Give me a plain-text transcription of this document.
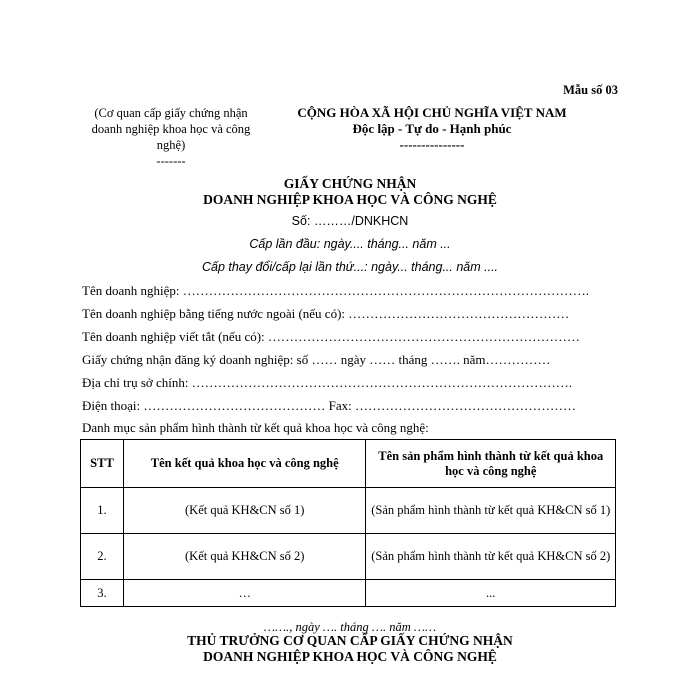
Mẫu số 03
(Cơ quan cấp giấy chứng nhận
doanh nghiệp khoa học và công
nghệ)
-------
CỘNG HÒA XÃ HỘI CHỦ NGHĨA VIỆT NAM
Độc lập - Tự do - Hạnh phúc
---------------
GIẤY CHỨNG NHẬN
DOANH NGHIỆP KHOA HỌC VÀ CÔNG NGHỆ
Số: ………/DNKHCN
Cấp lần đầu: ngày.... tháng... năm ...
Cấp thay đổi/cấp lại lần thứ...: ngày... tháng... năm ....
Tên doanh nghiệp: ………………………………………………………………………………….
Tên doanh nghiệp bằng tiếng nước ngoài (nếu có): ……………………………………………
Tên doanh nghiệp viết tắt (nếu có): ………………………………………………………………
Giấy chứng nhận đăng ký doanh nghiệp: số …… ngày …… tháng ……. năm……………
Địa chỉ trụ sở chính: …………………………………………………………………………….
Điện thoại: …………………………………… Fax: ……………………………………………
Danh mục sản phẩm hình thành từ kết quả khoa học và công nghệ:
STT	Tên kết quả khoa học và công nghệ	Tên sản phẩm hình thành từ kết quả khoa học và công nghệ
1.	(Kết quả KH&CN số 1)	(Sản phẩm hình thành từ kết quả KH&CN số 1)
2.	(Kết quả KH&CN số 2)	(Sản phẩm hình thành từ kết quả KH&CN số 2)
3.	…	...
……., ngày …. tháng …. năm ……
THỦ TRƯỞNG CƠ QUAN CẤP GIẤY CHỨNG NHẬN
DOANH NGHIỆP KHOA HỌC VÀ CÔNG NGHỆ
